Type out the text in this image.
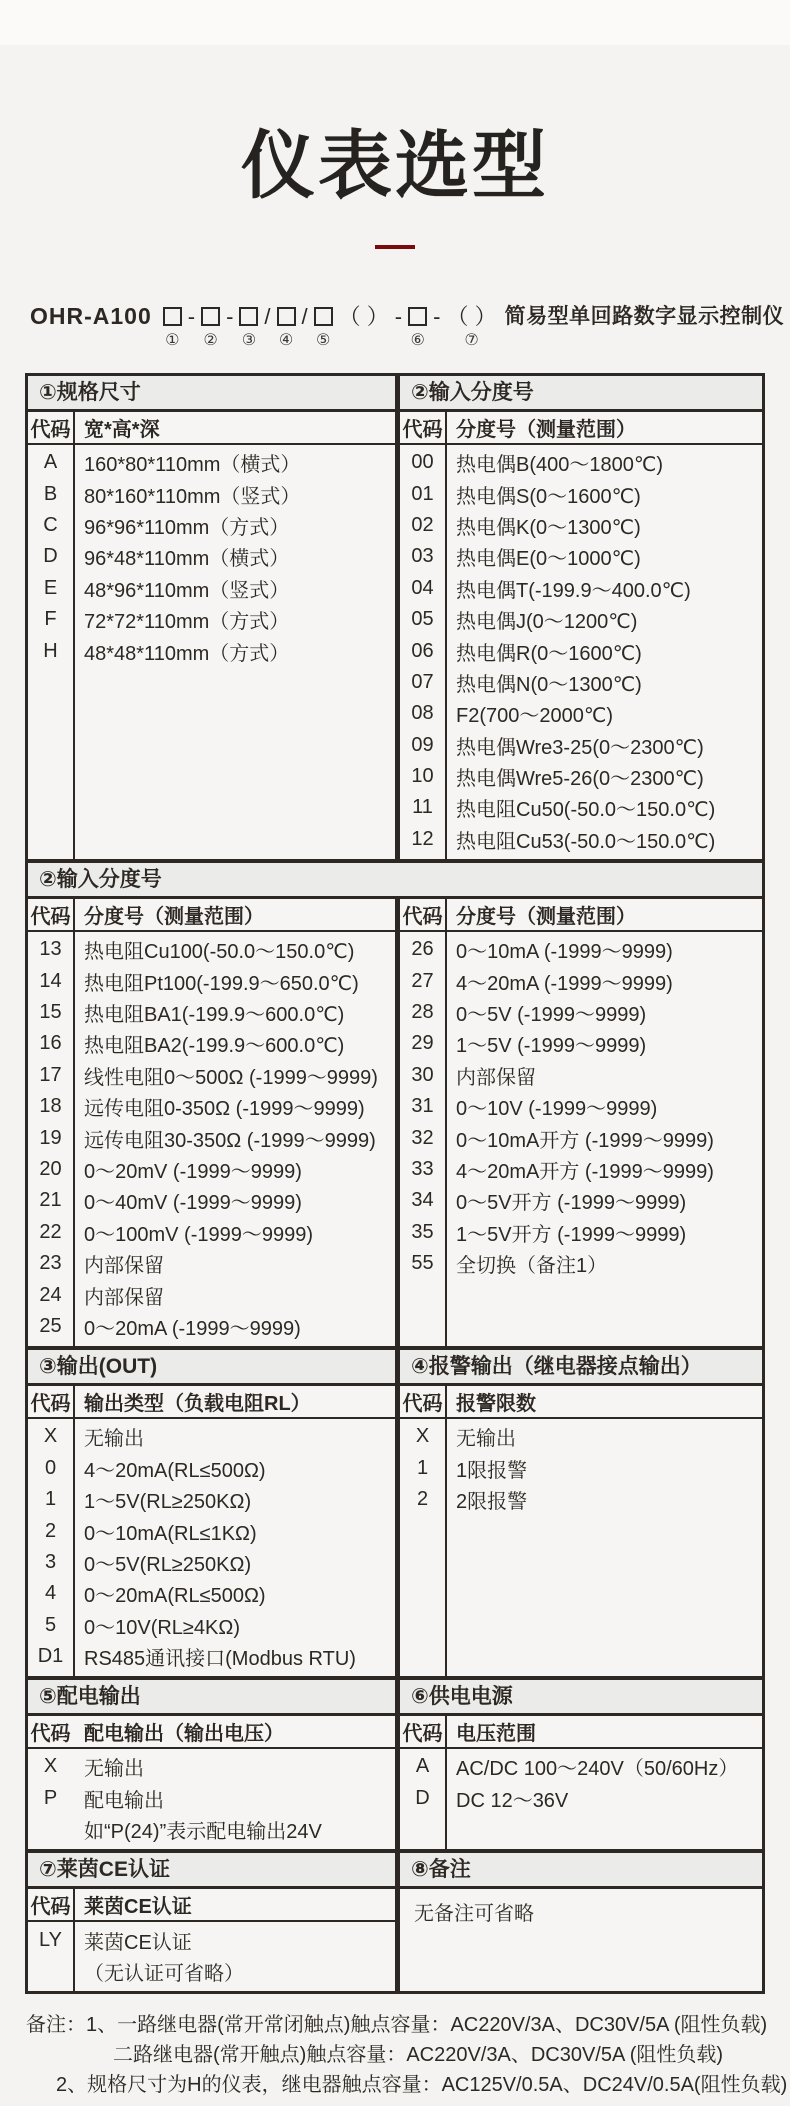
仪表选型
OHR-A100
①
-
②
-
③
/
④
/
⑤
（ ） -
⑥
- （ ）
⑦
简易型单回路数字显示控制仪
①规格尺寸	②输入分度号
代码 宽*高*深
A	160*80*110mm（横式）
B	80*160*110mm（竖式）
C	96*96*110mm（方式）
D	96*48*110mm（横式）
E	48*96*110mm（竖式）
F	72*72*110mm（方式）
H	48*48*110mm（方式）
代码 分度号（测量范围）
00	热电偶B(400～1800℃)
01	热电偶S(0～1600℃)
02	热电偶K(0～1300℃)
03	热电偶E(0～1000℃)
04	热电偶T(-199.9～400.0℃)
05	热电偶J(0～1200℃)
06	热电偶R(0～1600℃)
07	热电偶N(0～1300℃)
08	F2(700～2000℃)
09	热电偶Wre3-25(0～2300℃)
10	热电偶Wre5-26(0～2300℃)
11	热电阻Cu50(-50.0～150.0℃)
12	热电阻Cu53(-50.0～150.0℃)
②输入分度号
代码 分度号（测量范围）
13	热电阻Cu100(-50.0～150.0℃)
14	热电阻Pt100(-199.9～650.0℃)
15	热电阻BA1(-199.9～600.0℃)
16	热电阻BA2(-199.9～600.0℃)
17	线性电阻0～500Ω (-1999～9999)
18	远传电阻0-350Ω (-1999～9999)
19	远传电阻30-350Ω (-1999～9999)
20	0～20mV (-1999～9999)
21	0～40mV (-1999～9999)
22	0～100mV (-1999～9999)
23	内部保留
24	内部保留
25	0～20mA (-1999～9999)
代码 分度号（测量范围）
26	0～10mA (-1999～9999)
27	4～20mA (-1999～9999)
28	0～5V (-1999～9999)
29	1～5V (-1999～9999)
30	内部保留
31	0～10V (-1999～9999)
32	0～10mA开方 (-1999～9999)
33	4～20mA开方 (-1999～9999)
34	0～5V开方 (-1999～9999)
35	1～5V开方 (-1999～9999)
55	全切换（备注1）
③输出(OUT)	④报警输出（继电器接点输出）
代码 输出类型（负载电阻RL）
X	无输出
0	4～20mA(RL≤500Ω)
1	1～5V(RL≥250KΩ)
2	0～10mA(RL≤1KΩ)
3	0～5V(RL≥250KΩ)
4	0～20mA(RL≤500Ω)
5	0～10V(RL≥4KΩ)
D1	RS485通讯接口(Modbus RTU)
代码 报警限数
X	无输出
1	1限报警
2	2限报警
⑤配电输出	⑥供电电源
代码 配电输出（输出电压）
X	无输出
P	配电输出
如“P(24)”表示配电输出24V
代码 电压范围
A	AC/DC 100～240V（50/60Hz）
D	DC 12～36V
⑦莱茵CE认证	⑧备注
代码 莱茵CE认证
LY	莱茵CE认证
（无认证可省略）
无备注可省略
备注：1、一路继电器(常开常闭触点)触点容量：AC220V/3A、DC30V/5A (阻性负载)
二路继电器(常开触点)触点容量：AC220V/3A、DC30V/5A (阻性负载)
2、规格尺寸为H的仪表，继电器触点容量：AC125V/0.5A、DC24V/0.5A(阻性负载)
